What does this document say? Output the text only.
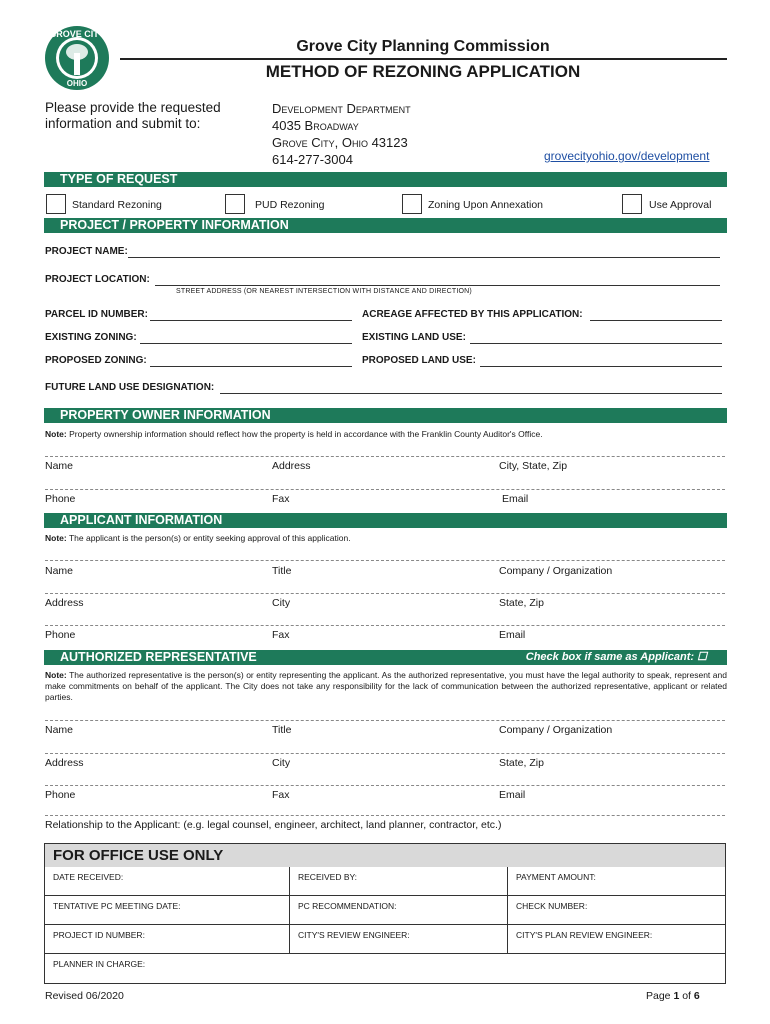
GROVE CITY
OHIO
Grove City Planning Commission
METHOD OF REZONING APPLICATION
Please provide the requested information and submit to:
Development Department
4035 Broadway
Grove City, Ohio 43123
614-277-3004	grovecityohio.gov/development
TYPE OF REQUEST
Standard Rezoning	PUD Rezoning	Zoning Upon Annexation	Use Approval
PROJECT / PROPERTY INFORMATION
PROJECT NAME:
PROJECT LOCATION:
STREET ADDRESS (OR NEAREST INTERSECTION WITH DISTANCE AND DIRECTION)
PARCEL ID NUMBER:	ACREAGE AFFECTED BY THIS APPLICATION:
EXISTING ZONING:	EXISTING LAND USE:
PROPOSED ZONING:	PROPOSED LAND USE:
FUTURE LAND USE DESIGNATION:
PROPERTY OWNER INFORMATION
Note: Property ownership information should reflect how the property is held in accordance with the Franklin County Auditor's Office.
Name	Address	City, State, Zip
Phone	Fax	Email
APPLICANT INFORMATION
Note: The applicant is the person(s) or entity seeking approval of this application.
Name	Title	Company / Organization
Address	City	State, Zip
Phone	Fax	Email
AUTHORIZED REPRESENTATIVE	Check box if same as Applicant: ☐
Note: The authorized representative is the person(s) or entity representing the applicant. As the authorized representative, you must have the legal authority to speak, represent and make commitments on behalf of the applicant. The City does not take any responsibility for the lack of communication between the authorized representative, applicant or related parties.
Name	Title	Company / Organization
Address	City	State, Zip
Phone	Fax	Email
Relationship to the Applicant: (e.g. legal counsel, engineer, architect, land planner, contractor, etc.)
FOR OFFICE USE ONLY
DATE RECEIVED:	RECEIVED BY:	PAYMENT AMOUNT:
TENTATIVE PC MEETING DATE:	PC RECOMMENDATION:	CHECK NUMBER:
PROJECT ID NUMBER:	CITY'S REVIEW ENGINEER:	CITY'S PLAN REVIEW ENGINEER:
PLANNER IN CHARGE:
Revised 06/2020	Page 1 of 6
